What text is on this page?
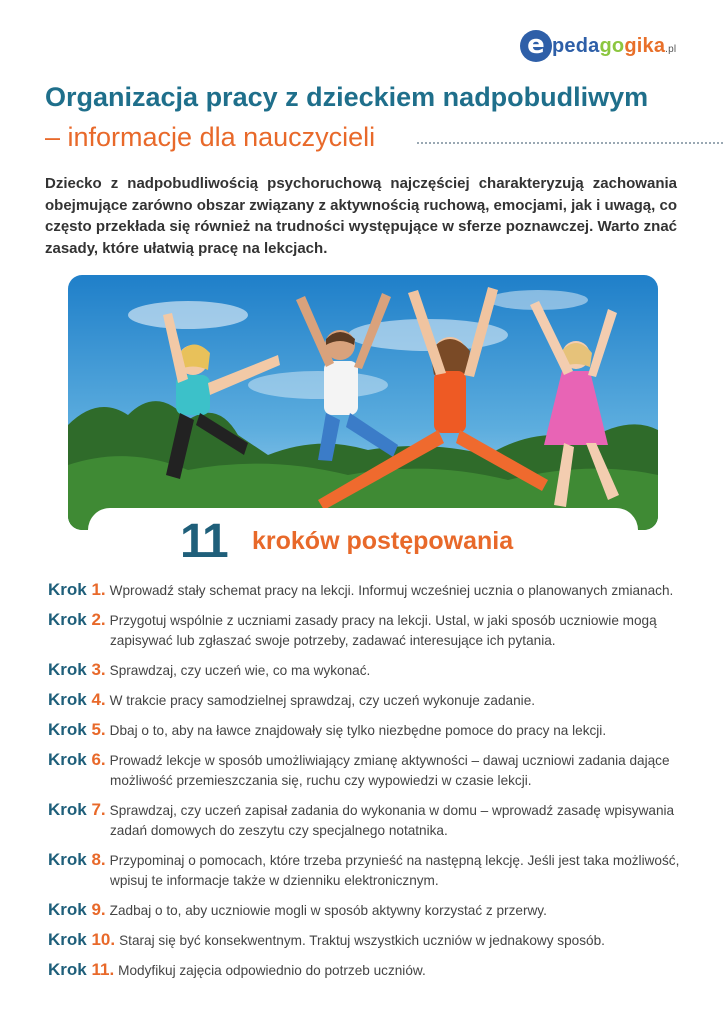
e pedagogika.pl
Organizacja pracy z dzieckiem nadpobudliwym
– informacje dla nauczycieli
Dziecko z nadpobudliwością psychoruchową najczęściej charakteryzują zachowania obejmujące zarówno obszar związany z aktywnością ruchową, emocjami, jak i uwagą, co często przekłada się również na trudności występujące w sferze poznawczej. Warto znać zasady, które ułatwią pracę na lekcjach.
11 kroków postępowania
Krok 1. Wprowadź stały schemat pracy na lekcji. Informuj wcześniej ucznia o planowanych zmianach.
Krok 2. Przygotuj wspólnie z uczniami zasady pracy na lekcji. Ustal, w jaki sposób uczniowie mogą
zapisywać lub zgłaszać swoje potrzeby, zadawać interesujące ich pytania.
Krok 3. Sprawdzaj, czy uczeń wie, co ma wykonać.
Krok 4. W trakcie pracy samodzielnej sprawdzaj, czy uczeń wykonuje zadanie.
Krok 5. Dbaj o to, aby na ławce znajdowały się tylko niezbędne pomoce do pracy na lekcji.
Krok 6. Prowadź lekcje w sposób umożliwiający zmianę aktywności – dawaj uczniowi zadania dające
możliwość przemieszczania się, ruchu czy wypowiedzi w czasie lekcji.
Krok 7. Sprawdzaj, czy uczeń zapisał zadania do wykonania w domu – wprowadź zasadę wpisywania
zadań domowych do zeszytu czy specjalnego notatnika.
Krok 8. Przypominaj o pomocach, które trzeba przynieść na następną lekcję. Jeśli jest taka możliwość,
wpisuj te informacje także w dzienniku elektronicznym.
Krok 9. Zadbaj o to, aby uczniowie mogli w sposób aktywny korzystać z przerwy.
Krok 10. Staraj się być konsekwentnym. Traktuj wszystkich uczniów w jednakowy sposób.
Krok 11. Modyfikuj zajęcia odpowiednio do potrzeb uczniów.
